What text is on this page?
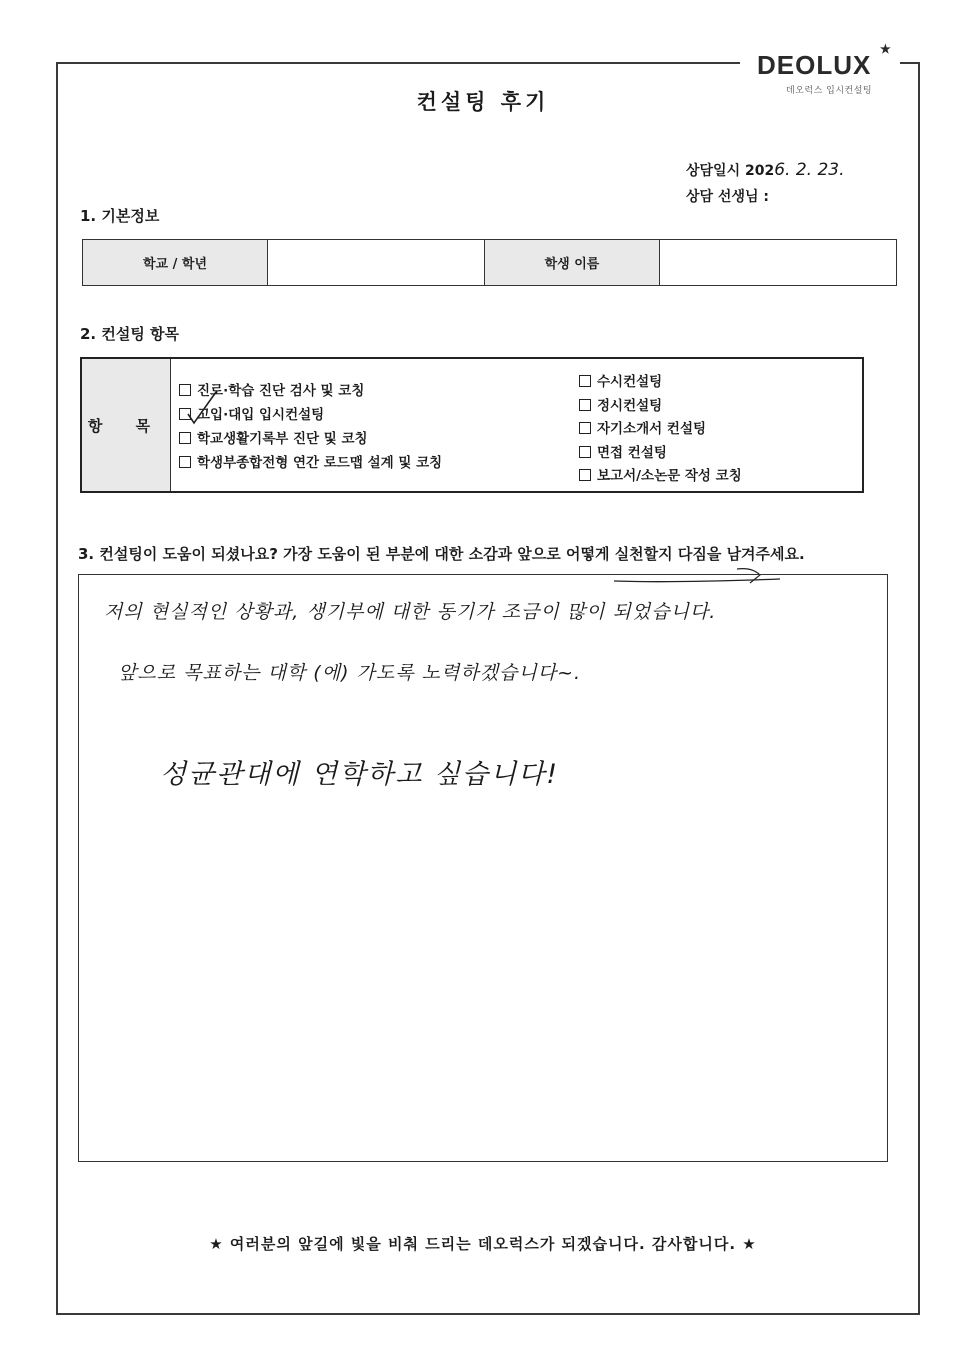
DEOLUX
★
데오럭스 입시컨설팅
컨설팅 후기
상담일시 2026. 2. 23.
상담 선생님 :
1. 기본정보
학교 / 학년		학생 이름	
2. 컨설팅 항목
항 목
진로·학습 진단 검사 및 코칭
고입·대입 입시컨설팅
학교생활기록부 진단 및 코칭
학생부종합전형 연간 로드맵 설계 및 코칭
수시컨설팅
정시컨설팅
자기소개서 컨설팅
면접 컨설팅
보고서/소논문 작성 코칭
3. 컨설팅이 도움이 되셨나요? 가장 도움이 된 부분에 대한 소감과 앞으로 어떻게 실천할지 다짐을 남겨주세요.
저의 현실적인 상황과, 생기부에 대한 동기가 조금이 많이 되었습니다.
앞으로 목표하는 대학 (에) 가도록 노력하겠습니다~.
성균관대에 연학하고 싶습니다!
★ 여러분의 앞길에 빛을 비춰 드리는 데오럭스가 되겠습니다. 감사합니다. ★
